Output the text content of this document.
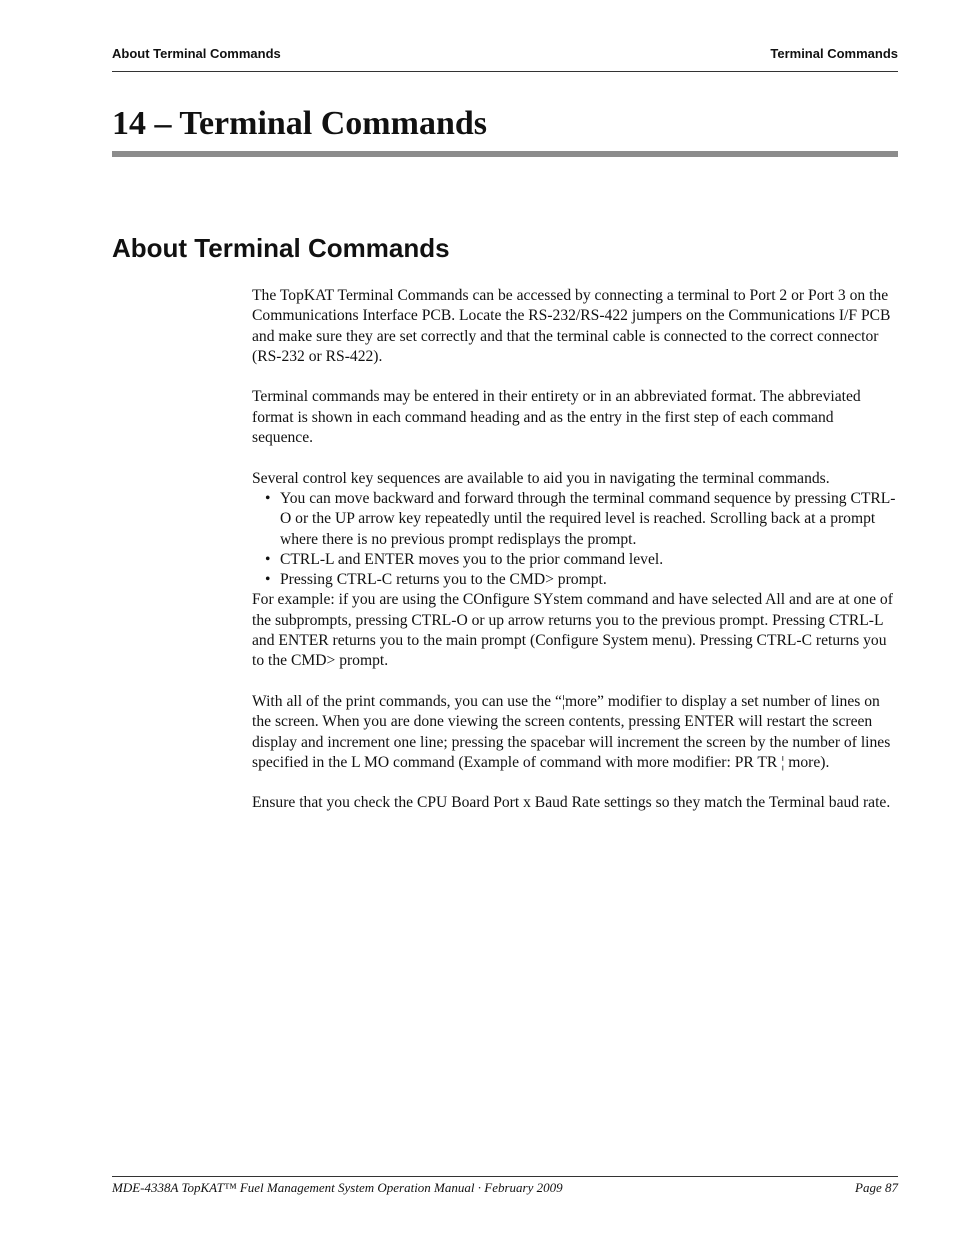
About Terminal Commands	Terminal Commands
14 – Terminal Commands
About Terminal Commands

The TopKAT Terminal Commands can be accessed by connecting a terminal to Port 2 or Port 3 on the Communications Interface PCB. Locate the RS-232/RS-422 jumpers on the Communications I/F PCB and make sure they are set correctly and that the terminal cable is connected to the correct connector (RS-232 or RS-422).

Terminal commands may be entered in their entirety or in an abbreviated format. The abbreviated format is shown in each command heading and as the entry in the first step of each command sequence.

Several control key sequences are available to aid you in navigating the terminal commands.

• You can move backward and forward through the terminal command sequence by pressing CTRL-O or the UP arrow key repeatedly until the required level is reached. Scrolling back at a prompt where there is no previous prompt redisplays the prompt.
• CTRL-L and ENTER moves you to the prior command level.
• Pressing CTRL-C returns you to the CMD> prompt.

For example: if you are using the COnfigure SYstem command and have selected All and are at one of the subprompts, pressing CTRL-O or up arrow returns you to the previous prompt. Pressing CTRL-L and ENTER returns you to the main prompt (Configure System menu). Pressing CTRL-C returns you to the CMD> prompt.

With all of the print commands, you can use the “¦more” modifier to display a set number of lines on the screen. When you are done viewing the screen contents, pressing ENTER will restart the screen display and increment one line; pressing the spacebar will increment the screen by the number of lines specified in the L MO command (Example of command with more modifier: PR TR ¦ more).

Ensure that you check the CPU Board Port x Baud Rate settings so they match the Terminal baud rate.

MDE-4338A TopKAT™ Fuel Management System Operation Manual · February 2009	Page 87
